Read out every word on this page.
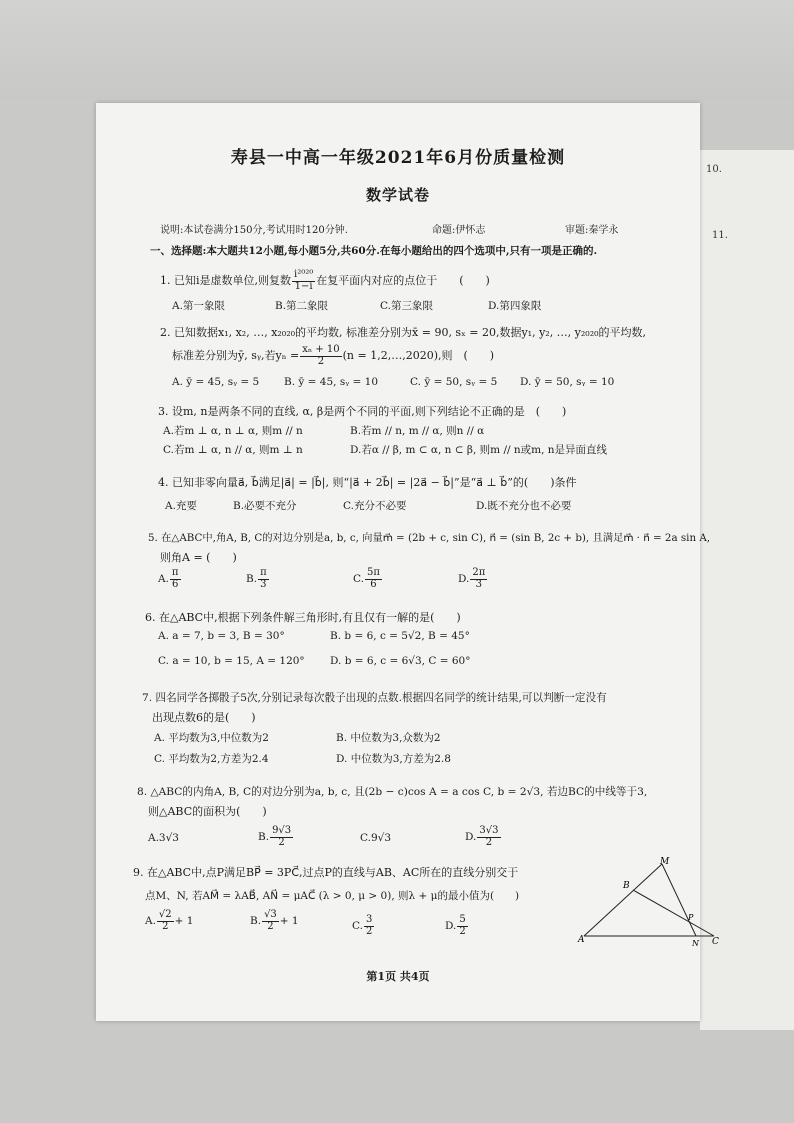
10.
11.
寿县一中高一年级2021年6月份质量检测
数学试卷
说明:本试卷满分150分,考试用时120分钟.	命题:伊怀志	审题:秦学永
一、选择题:本大题共12小题,每小题5分,共60分.在每小题给出的四个选项中,只有一项是正确的.
1. 已知i是虚数单位,则复数 $\frac{\text{i²⁰²⁰}}{1-i}$ 在复平面内对应的点位于　　(　　)
A.第一象限	B.第二象限	C.第三象限	D.第四象限
2. 已知数据x₁, x₂, …, x₂₀₂₀的平均数, 标准差分别为x̄ = 90, sₓ = 20,数据y₁, y₂, …, y₂₀₂₀的平均数,
标准差分别为ȳ, sᵧ,若$y_n = \frac{\text{xₙ + 10}}{2} (n$ = 1,2,…,2020),则　(　　)
A. ȳ = 45, sᵧ = 5 B. ȳ = 45, sᵧ = 10	C. ȳ = 50, sᵧ = 5 D. ȳ = 50, sᵧ = 10
3. 设m, n是两条不同的直线, α, β是两个不同的平面,则下列结论不正确的是　(　　)
A.若m ⊥ α, n ⊥ α, 则m // n	B.若m // n, m // α, 则n // α
C.若m ⊥ α, n // α, 则m ⊥ n	D.若α // β, m ⊂ α, n ⊂ β, 则m // n或m, n是异面直线
4. 已知非零向量a⃗, b⃗满足|a⃗| = |b⃗|, 则“|a⃗ + 2b⃗| = |2a⃗ − b⃗|”是“a⃗ ⊥ b⃗”的(　　)条件
A.充要	B.必要不充分	C.充分不必要	D.既不充分也不必要
5. 在△ABC中,角A, B, C的对边分别是a, b, c, 向量m⃗ = (2b + c, sin C), n⃗ = (sin B, 2c + b), 且满足m⃗ · n⃗ = 2a sin A,
则角A = (　　)
A. $\frac{\pi}{6}$	B. $\frac{\pi}{3}$	C. $\frac{5\pi}{6}$	D. $\frac{2\pi}{3}$
6. 在△ABC中,根据下列条件解三角形时,有且仅有一解的是(　　)
A. a = 7, b = 3, B = 30°	B. b = 6, c = 5√2, B = 45°
C. a = 10, b = 15, A = 120° D. b = 6, c = 6√3, C = 60°
7. 四名同学各掷骰子5次,分别记录每次骰子出现的点数.根据四名同学的统计结果,可以判断一定没有
出现点数6的是(　　)
A. 平均数为3,中位数为2	B. 中位数为3,众数为2
C. 平均数为2,方差为2.4	D. 中位数为3,方差为2.8
8. △ABC的内角A, B, C的对边分别为a, b, c, 且(2b − c)cos A = a cos C, b = 2√3, 若边BC的中线等于3,
则△ABC的面积为(　　)
A.3√3	B. $\frac{9√3}{2}$	C.9√3	D. $\frac{3√3}{2}$
9. 在△ABC中,点P满足BP⃗ = 3PC⃗,过点P的直线与AB、AC所在的直线分别交于
点M、N, 若AM⃗ = λAB⃗, AN⃗ = μAC⃗ (λ > 0, μ > 0), 则λ + μ的最小值为(　　)
A. $\frac{√2}{2} + 1$	B. $\frac{√3}{2} + 1$	C. $\frac{3}{2}$	D. $\frac{5}{2}$
A
B
M
P
N C
第1页 共4页
